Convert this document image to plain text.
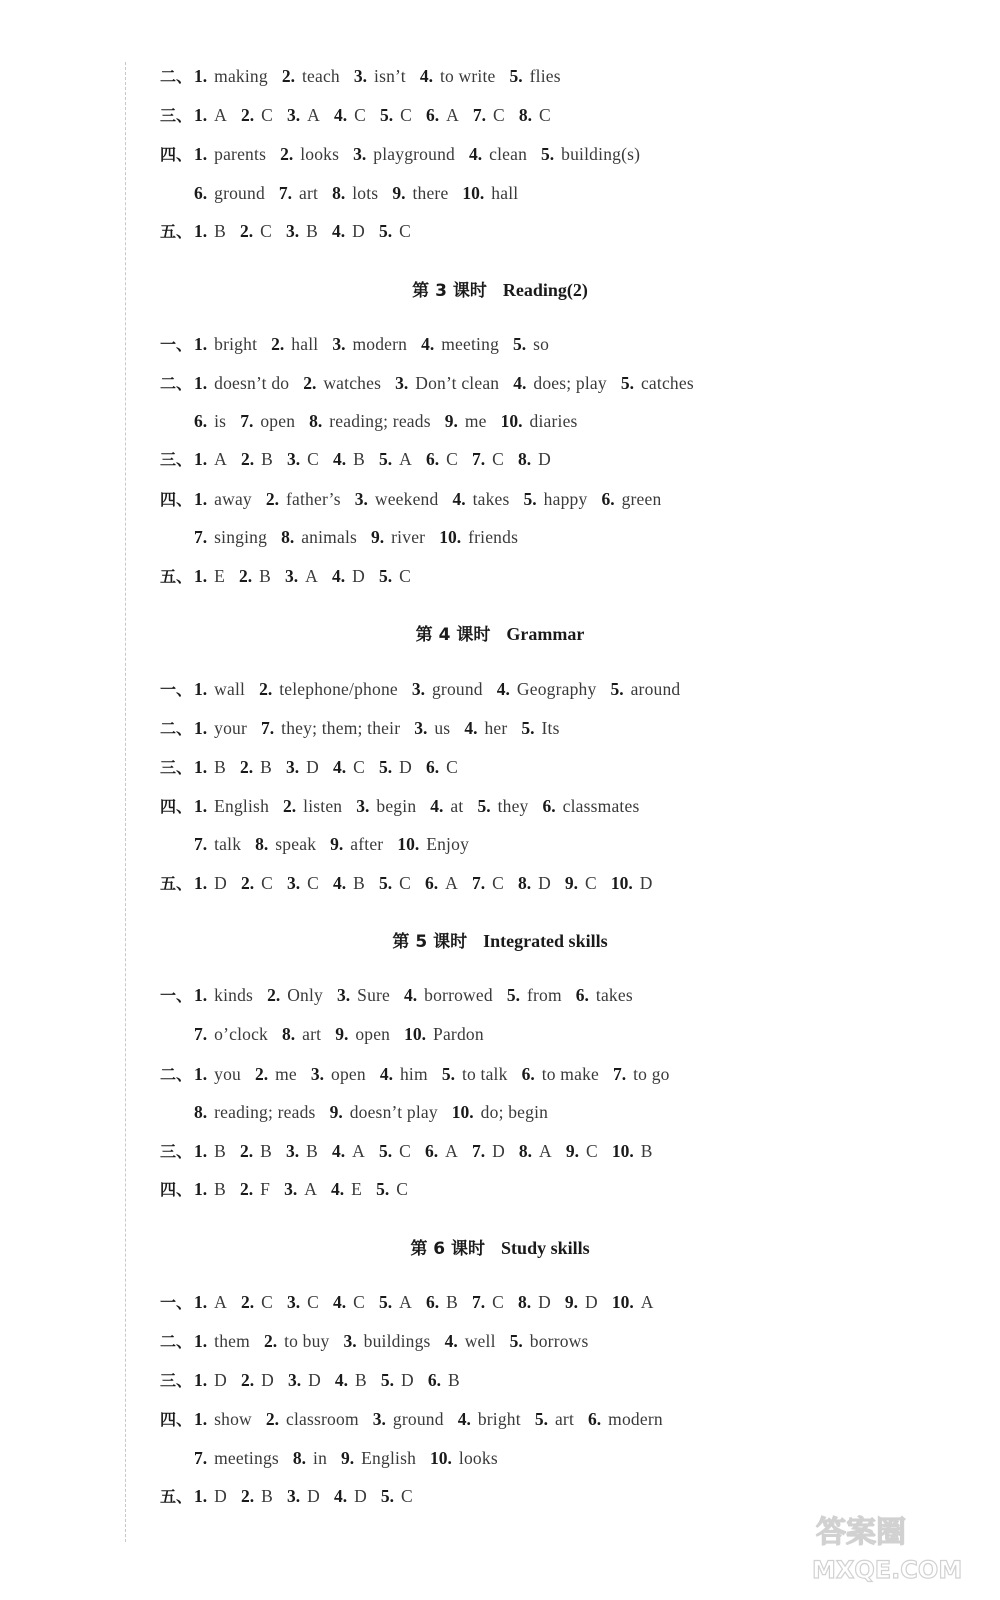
二、 1. making 2. teach 3. isn’t 4. to write 5. flies
三、 1. A 2. C 3. A 4. C 5. C 6. A 7. C 8. C
四、 1. parents 2. looks 3. playground 4. clean 5. building(s)
6. ground 7. art 8. lots 9. there 10. hall
五、 1. B 2. C 3. B 4. D 5. C
第 3 课时 Reading(2)
一、 1. bright 2. hall 3. modern 4. meeting 5. so
二、 1. doesn’t do 2. watches 3. Don’t clean 4. does; play 5. catches
6. is 7. open 8. reading; reads 9. me 10. diaries
三、 1. A 2. B 3. C 4. B 5. A 6. C 7. C 8. D
四、 1. away 2. father’s 3. weekend 4. takes 5. happy 6. green
7. singing 8. animals 9. river 10. friends
五、 1. E 2. B 3. A 4. D 5. C
第 4 课时 Grammar
一、 1. wall 2. telephone/phone 3. ground 4. Geography 5. around
二、 1. your 7. they; them; their 3. us 4. her 5. Its
三、 1. B 2. B 3. D 4. C 5. D 6. C
四、 1. English 2. listen 3. begin 4. at 5. they 6. classmates
7. talk 8. speak 9. after 10. Enjoy
五、 1. D 2. C 3. C 4. B 5. C 6. A 7. C 8. D 9. C 10. D
第 5 课时 Integrated skills
一、 1. kinds 2. Only 3. Sure 4. borrowed 5. from 6. takes
7. o’clock 8. art 9. open 10. Pardon
二、 1. you 2. me 3. open 4. him 5. to talk 6. to make 7. to go
8. reading; reads 9. doesn’t play 10. do; begin
三、 1. B 2. B 3. B 4. A 5. C 6. A 7. D 8. A 9. C 10. B
四、 1. B 2. F 3. A 4. E 5. C
第 6 课时 Study skills
一、 1. A 2. C 3. C 4. C 5. A 6. B 7. C 8. D 9. D 10. A
二、 1. them 2. to buy 3. buildings 4. well 5. borrows
三、 1. D 2. D 3. D 4. B 5. D 6. B
四、 1. show 2. classroom 3. ground 4. bright 5. art 6. modern
7. meetings 8. in 9. English 10. looks
五、 1. D 2. B 3. D 4. D 5. C
答案圈
MXQE.COM
